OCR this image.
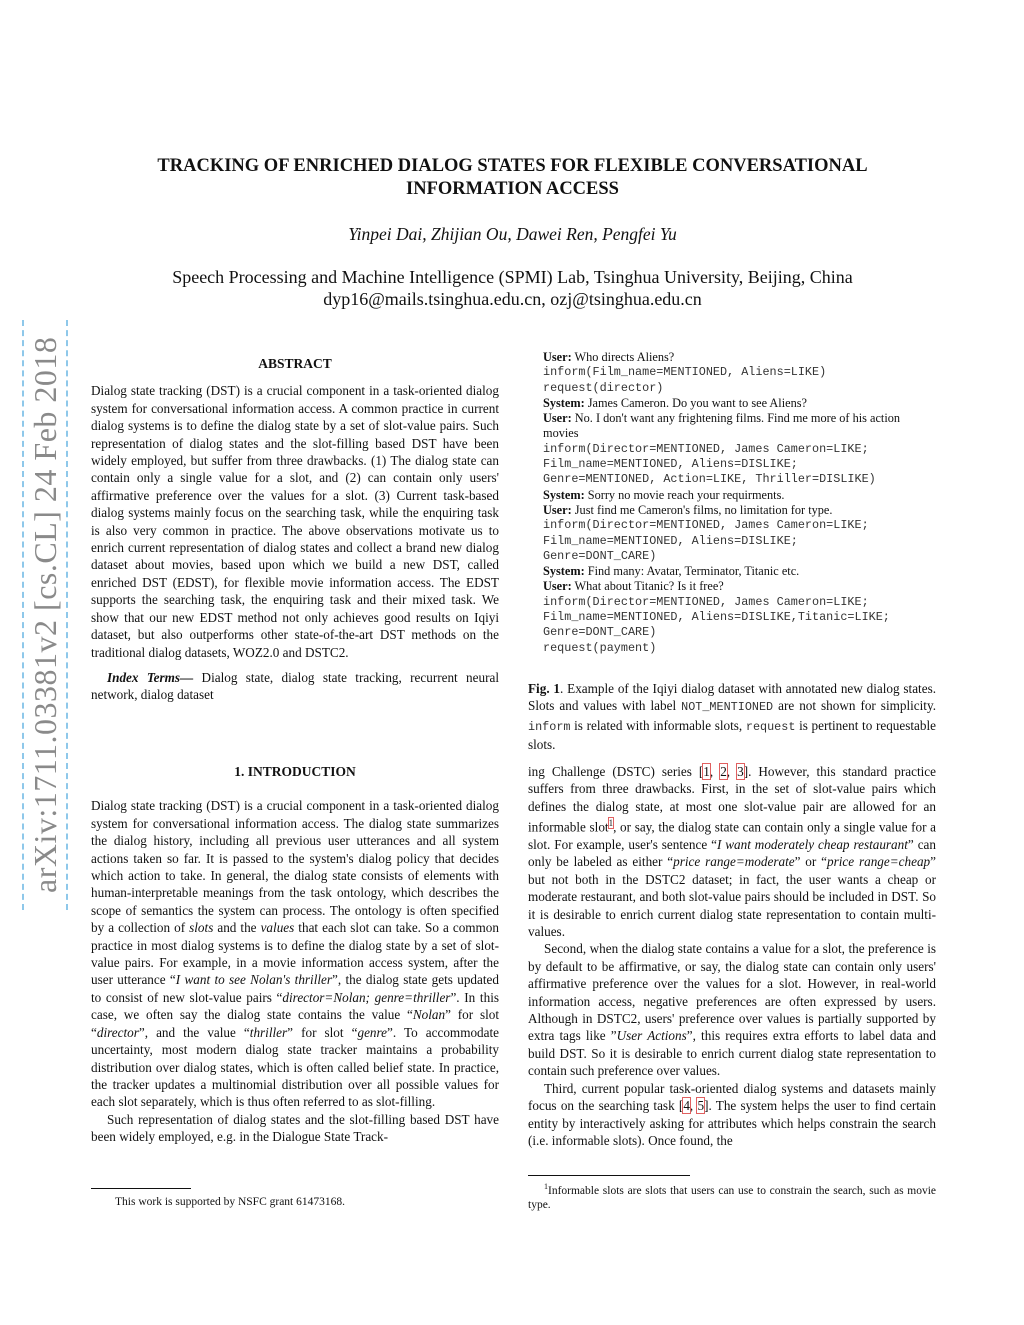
arXiv:1711.03381v2 [cs.CL] 24 Feb 2018
TRACKING OF ENRICHED DIALOG STATES FOR FLEXIBLE CONVERSATIONAL INFORMATION ACCESS
Yinpei Dai, Zhijian Ou, Dawei Ren, Pengfei Yu
Speech Processing and Machine Intelligence (SPMI) Lab, Tsinghua University, Beijing, China
dyp16@mails.tsinghua.edu.cn, ozj@tsinghua.edu.cn
ABSTRACT

Dialog state tracking (DST) is a crucial component in a task-oriented dialog system for conversational information access. A common practice in current dialog systems is to define the dialog state by a set of slot-value pairs. Such representation of dialog states and the slot-filling based DST have been widely employed, but suffer from three drawbacks. (1) The dialog state can contain only a single value for a slot, and (2) can contain only users' affirmative preference over the values for a slot. (3) Current task-based dialog systems mainly focus on the searching task, while the enquiring task is also very common in practice. The above observations motivate us to enrich current representation of dialog states and collect a brand new dialog dataset about movies, based upon which we build a new DST, called enriched DST (EDST), for flexible movie information access. The EDST supports the searching task, the enquiring task and their mixed task. We show that our new EDST method not only achieves good results on Iqiyi dataset, but also outperforms other state-of-the-art DST methods on the traditional dialog datasets, WOZ2.0 and DSTC2.

Index Terms— Dialog state, dialog state tracking, recurrent neural network, dialog dataset

1. INTRODUCTION

Dialog state tracking (DST) is a crucial component in a task-oriented dialog system for conversational information access. The dialog state summarizes the dialog history, including all previous user utterances and all system actions taken so far. It is passed to the system's dialog policy that decides which action to take. In general, the dialog state consists of elements with human-interpretable meanings from the task ontology, which describes the scope of semantics the system can process. The ontology is often specified by a collection of slots and the values that each slot can take. So a common practice in most dialog systems is to define the dialog state by a set of slot-value pairs. For example, in a movie information access system, after the user utterance “I want to see Nolan's thriller”, the dialog state gets updated to consist of new slot-value pairs “director=Nolan; genre=thriller”. In this case, we often say the dialog state contains the value “Nolan” for slot “director”, and the value “thriller” for slot “genre”. To accommodate uncertainty, most modern dialog state tracker maintains a probability distribution over dialog states, which is often called belief state. In practice, the tracker updates a multinomial distribution over all possible values for each slot separately, which is thus often referred to as slot-filling.

Such representation of dialog states and the slot-filling based DST have been widely employed, e.g. in the Dialogue State Track-

This work is supported by NSFC grant 61473168.
User: Who directs Aliens?
inform(Film_name=MENTIONED, Aliens=LIKE)
request(director)
System: James Cameron. Do you want to see Aliens?
User: No. I don't want any frightening films. Find me more of his action movies
inform(Director=MENTIONED, James Cameron=LIKE;
Film_name=MENTIONED, Aliens=DISLIKE;
Genre=MENTIONED, Action=LIKE, Thriller=DISLIKE)
System: Sorry no movie reach your requirments.
User: Just find me Cameron's films, no limitation for type.
inform(Director=MENTIONED, James Cameron=LIKE;
Film_name=MENTIONED, Aliens=DISLIKE;
Genre=DONT_CARE)
System: Find many: Avatar, Terminator, Titanic etc.
User: What about Titanic? Is it free?
inform(Director=MENTIONED, James Cameron=LIKE;
Film_name=MENTIONED, Aliens=DISLIKE,Titanic=LIKE;
Genre=DONT_CARE)
request(payment)
Fig. 1. Example of the Iqiyi dialog dataset with annotated new dialog states. Slots and values with label NOT_MENTIONED are not shown for simplicity. inform is related with informable slots, request is pertinent to requestable slots.

ing Challenge (DSTC) series [1, 2, 3]. However, this standard practice suffers from three drawbacks. First, in the set of slot-value pairs which defines the dialog state, at most one slot-value pair are allowed for an informable slot$^1$, or say, the dialog state can contain only a single value for a slot. For example, user's sentence “I want moderately cheap restaurant” can only be labeled as either “price range=moderate” or “price range=cheap” but not both in the DSTC2 dataset; in fact, the user wants a cheap or moderate restaurant, and both slot-value pairs should be included in DST. So it is desirable to enrich current dialog state representation to contain multi-values.

Second, when the dialog state contains a value for a slot, the preference is by default to be affirmative, or say, the dialog state can contain only users' affirmative preference over the values for a slot. However, in real-world information access, negative preferences are often expressed by users. Although in DSTC2, users' preference over values is partially supported by extra tags like ”User Actions”, this requires extra efforts to label data and build DST. So it is desirable to enrich current dialog state representation to contain such preference over values.

Third, current popular task-oriented dialog systems and datasets mainly focus on the searching task [4, 5]. The system helps the user to find certain entity by interactively asking for attributes which helps constrain the search (i.e. informable slots). Once found, the

$^1$Informable slots are slots that users can use to constrain the search, such as movie type.
